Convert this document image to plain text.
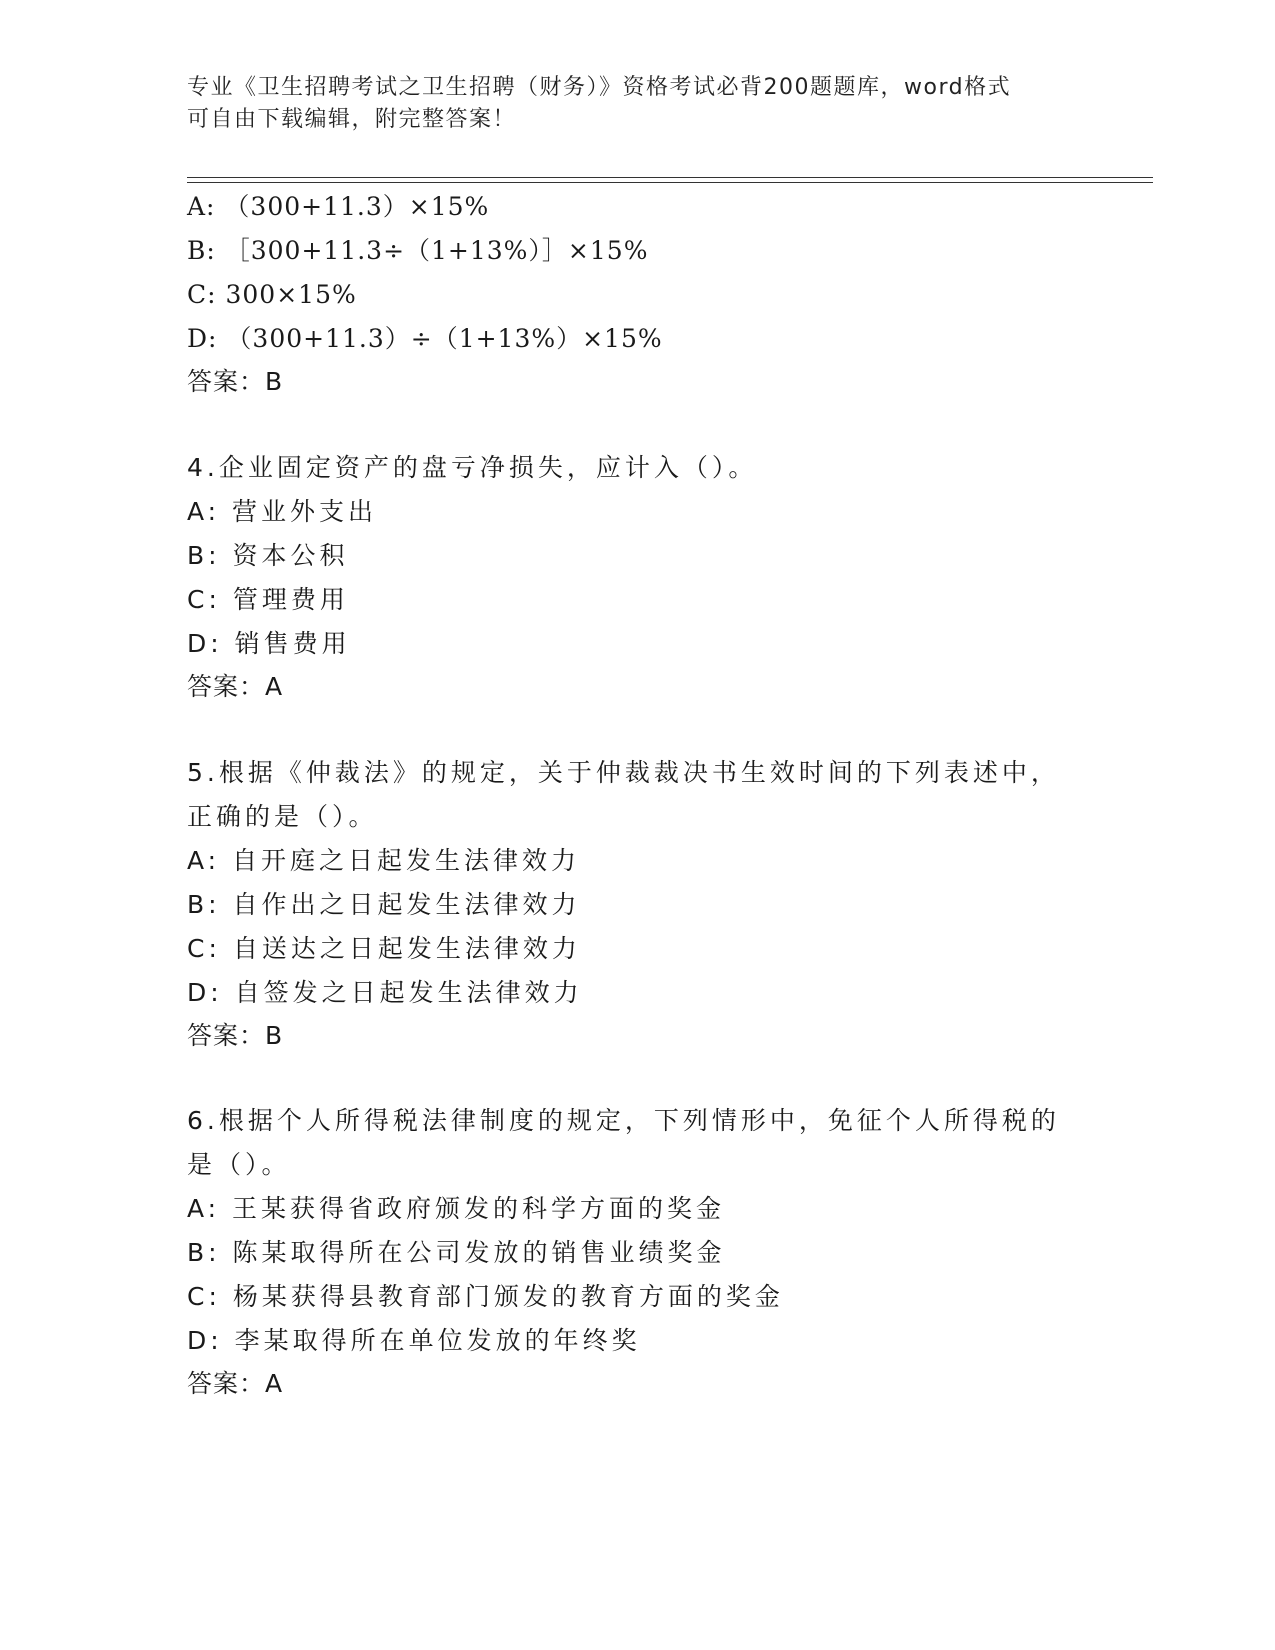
专业《卫生招聘考试之卫生招聘（财务）》资格考试必背200题题库，word格式
可自由下载编辑，附完整答案！
A: （300+11.3）×15%
B: ［300+11.3÷（1+13%）］×15%
C: 300×15%
D: （300+11.3）÷（1+13%）×15%
答案：B
4.企业固定资产的盘亏净损失，应计入（）。
A: 营业外支出
B: 资本公积
C: 管理费用
D: 销售费用
答案：A
5.根据《仲裁法》的规定，关于仲裁裁决书生效时间的下列表述中，
正确的是（）。
A: 自开庭之日起发生法律效力
B: 自作出之日起发生法律效力
C: 自送达之日起发生法律效力
D: 自签发之日起发生法律效力
答案：B
6.根据个人所得税法律制度的规定，下列情形中，免征个人所得税的
是（）。
A: 王某获得省政府颁发的科学方面的奖金
B: 陈某取得所在公司发放的销售业绩奖金
C: 杨某获得县教育部门颁发的教育方面的奖金
D: 李某取得所在单位发放的年终奖
答案：A
